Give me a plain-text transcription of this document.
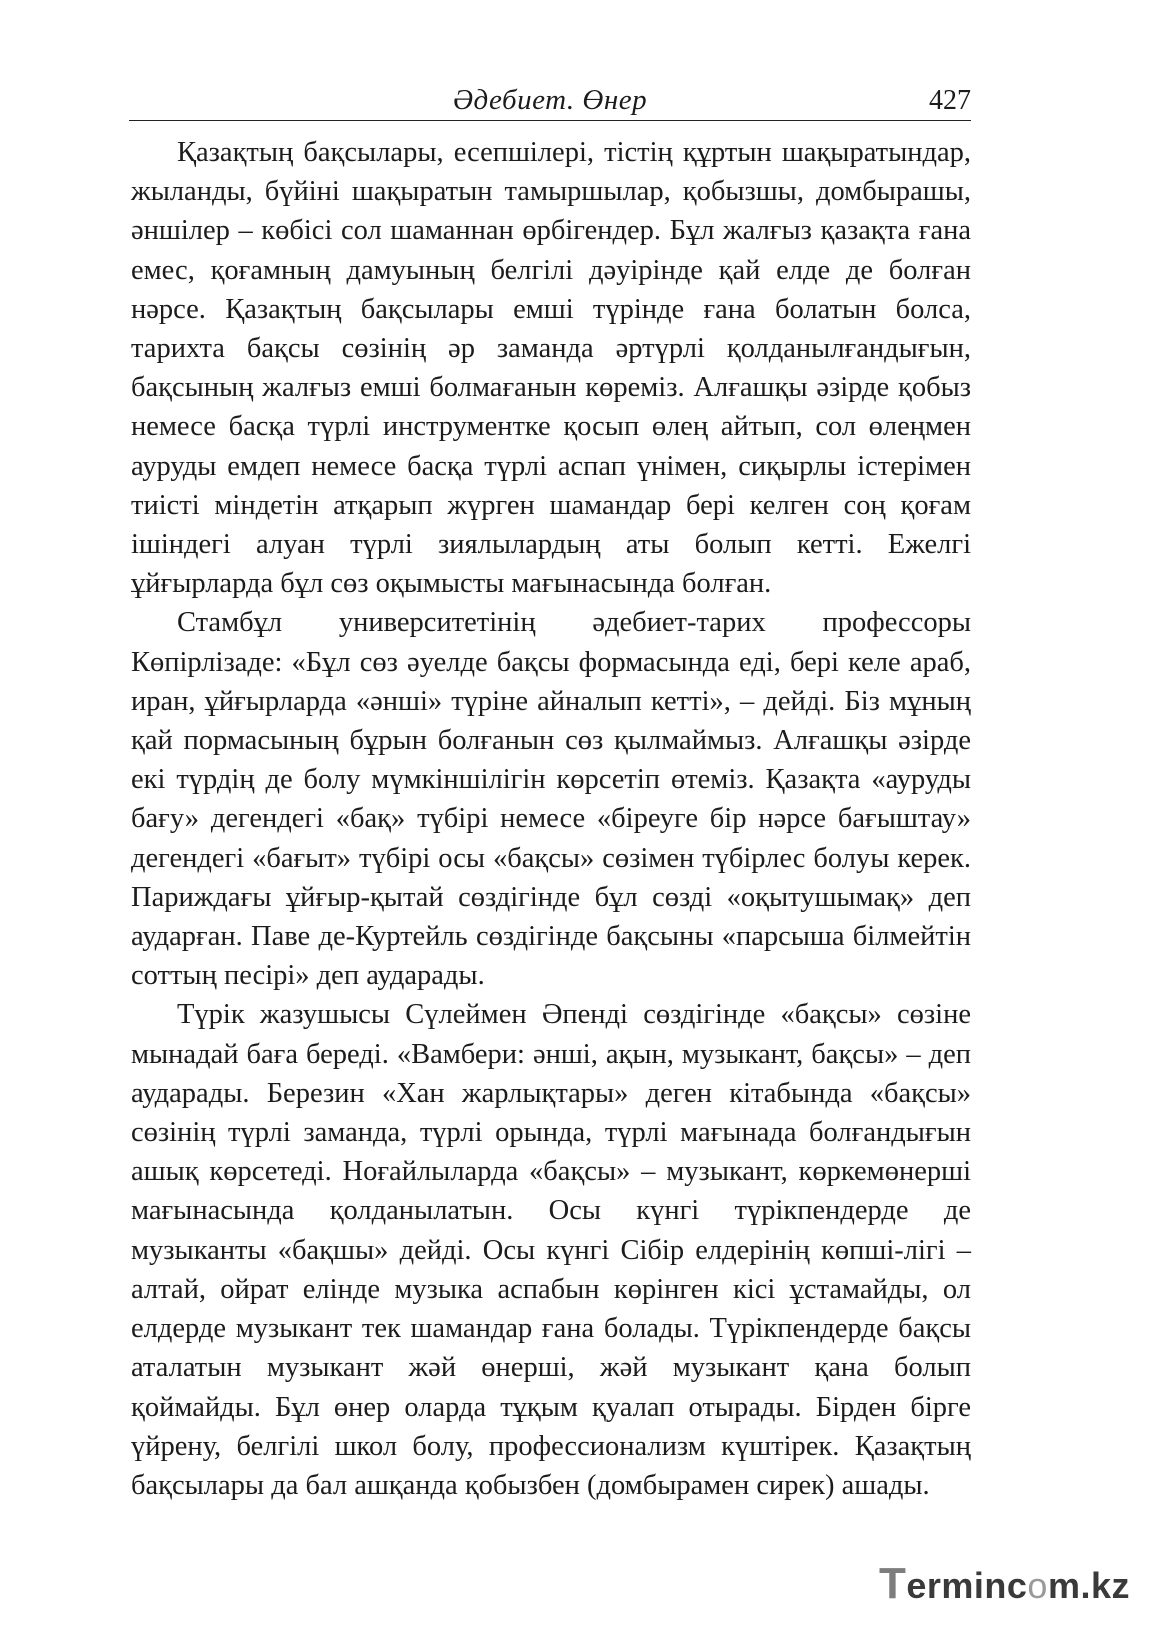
Әдебиет. Өнер	427

Қазақтың бақсылары, есепшілері, тістің құртын шақыратындар, жыланды, бүйіні шақыратын тамыршылар, қобызшы, домбырашы, әншілер – көбісі сол шаманнан өрбігендер. Бұл жалғыз қазақта ғана емес, қоғамның дамуының белгілі дәуірінде қай елде де болған нәрсе. Қазақтың бақсылары емші түрінде ғана болатын болса, тарихта бақсы сөзінің әр заманда әртүрлі қолданылғандығын, бақсының жалғыз емші болмағанын көреміз. Алғашқы әзірде қобыз немесе басқа түрлі инструментке қосып өлең айтып, сол өлеңмен ауруды емдеп немесе басқа түрлі аспап үнімен, сиқырлы істерімен тиісті міндетін атқарып жүрген шамандар бері келген соң қоғам ішіндегі алуан түрлі зиялылардың аты болып кетті. Ежелгі ұйғырларда бұл сөз оқымысты мағынасында болған.

Стамбұл университетінің әдебиет-тарих профессоры Көпірлізаде: «Бұл сөз әуелде бақсы формасында еді, бері келе араб, иран, ұйғырларда «әнші» түріне айналып кетті», – дейді. Біз мұның қай пормасының бұрын болғанын сөз қылмаймыз. Алғашқы әзірде екі түрдің де болу мүмкіншілігін көрсетіп өтеміз. Қазақта «ауруды бағу» дегендегі «бақ» түбірі немесе «біреуге бір нәрсе бағыштау» дегендегі «бағыт» түбірі осы «бақсы» сөзімен түбірлес болуы керек. Париждағы ұйғыр-қытай сөздігінде бұл сөзді «оқытушымақ» деп аударған. Паве де-Куртейль сөздігінде бақсыны «парсыша білмейтін соттың песірі» деп аударады.

Түрік жазушысы Сүлеймен Әпенді сөздігінде «бақсы» сөзіне мынадай баға береді. «Вамбери: әнші, ақын, музыкант, бақсы» – деп аударады. Березин «Хан жарлықтары» деген кітабында «бақсы» сөзінің түрлі заманда, түрлі орында, түрлі мағынада болғандығын ашық көрсетеді. Ноғайлыларда «бақсы» – музыкант, көркемөнерші мағынасында қолданылатын. Осы күнгі түрікпендерде де музыканты «бақшы» дейді. Осы күнгі Сібір елдерінің көпші-лігі – алтай, ойрат елінде музыка аспабын көрінген кісі ұстамайды, ол елдерде музыкант тек шамандар ғана болады. Түрікпендерде бақсы аталатын музыкант жәй өнерші, жәй музыкант қана болып қоймайды. Бұл өнер оларда тұқым қуалап отырады. Бірден бірге үйрену, белгілі школ болу, профессионализм күштірек. Қазақтың бақсылары да бал ашқанда қобызбен (домбырамен сирек) ашады.

Termincom.kz
